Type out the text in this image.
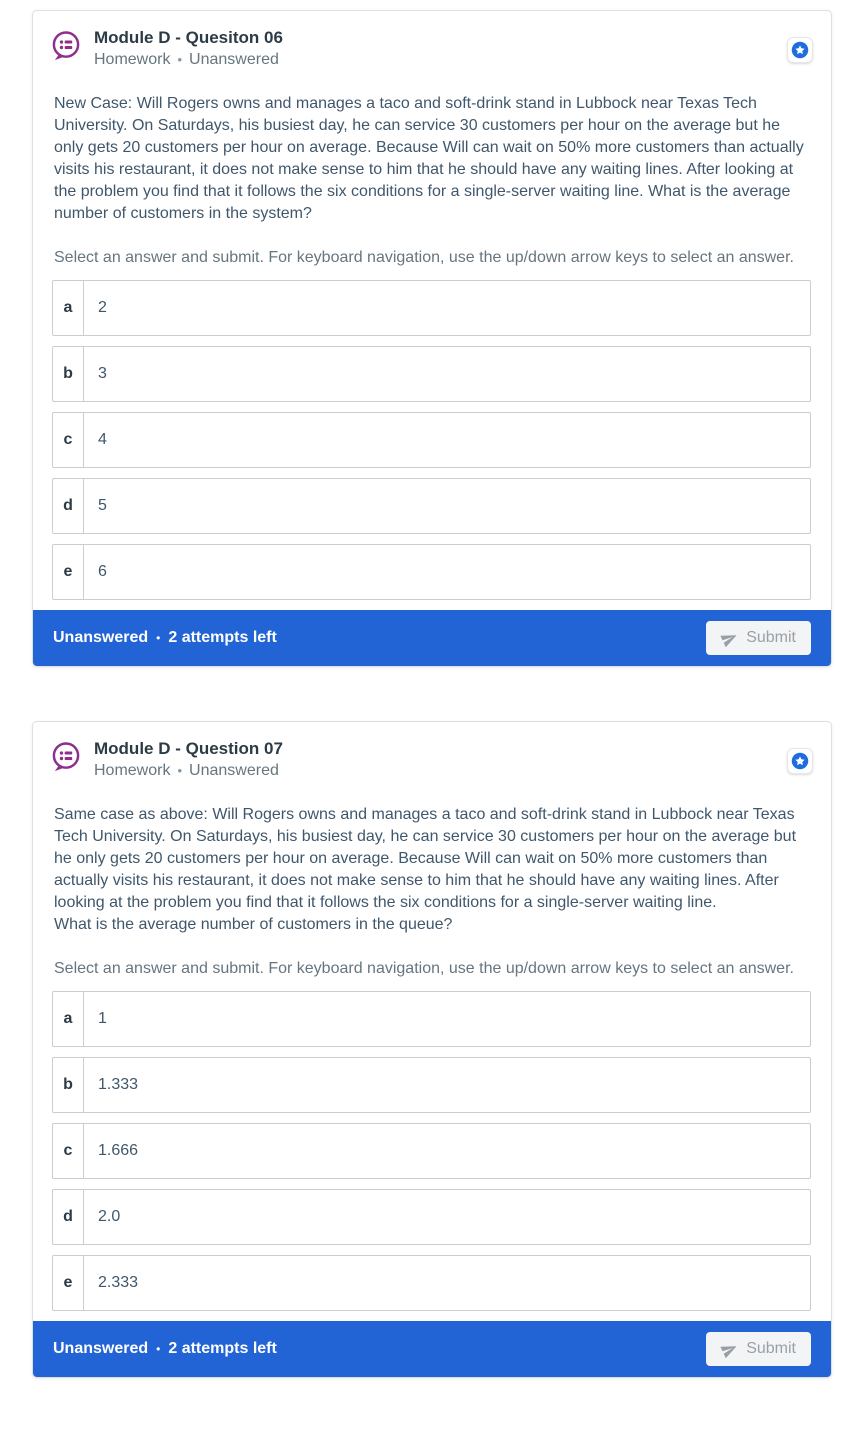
Module D - Quesiton 06
Homework • Unanswered
New Case: Will Rogers owns and manages a taco and soft-drink stand in Lubbock near Texas Tech University. On Saturdays, his busiest day, he can service 30 customers per hour on the average but he only gets 20 customers per hour on average. Because Will can wait on 50% more customers than actually visits his restaurant, it does not make sense to him that he should have any waiting lines. After looking at the problem you find that it follows the six conditions for a single-server waiting line. What is the average number of customers in the system?
Select an answer and submit. For keyboard navigation, use the up/down arrow keys to select an answer.
a	2
b	3
c	4
d	5
e	6
Unanswered • 2 attempts left	Submit
Module D - Question 07
Homework • Unanswered
Same case as above: Will Rogers owns and manages a taco and soft-drink stand in Lubbock near Texas Tech University. On Saturdays, his busiest day, he can service 30 customers per hour on the average but he only gets 20 customers per hour on average. Because Will can wait on 50% more customers than actually visits his restaurant, it does not make sense to him that he should have any waiting lines. After looking at the problem you find that it follows the six conditions for a single-server waiting line.
What is the average number of customers in the queue?
Select an answer and submit. For keyboard navigation, use the up/down arrow keys to select an answer.
a	1
b	1.333
c	1.666
d	2.0
e	2.333
Unanswered • 2 attempts left	Submit
